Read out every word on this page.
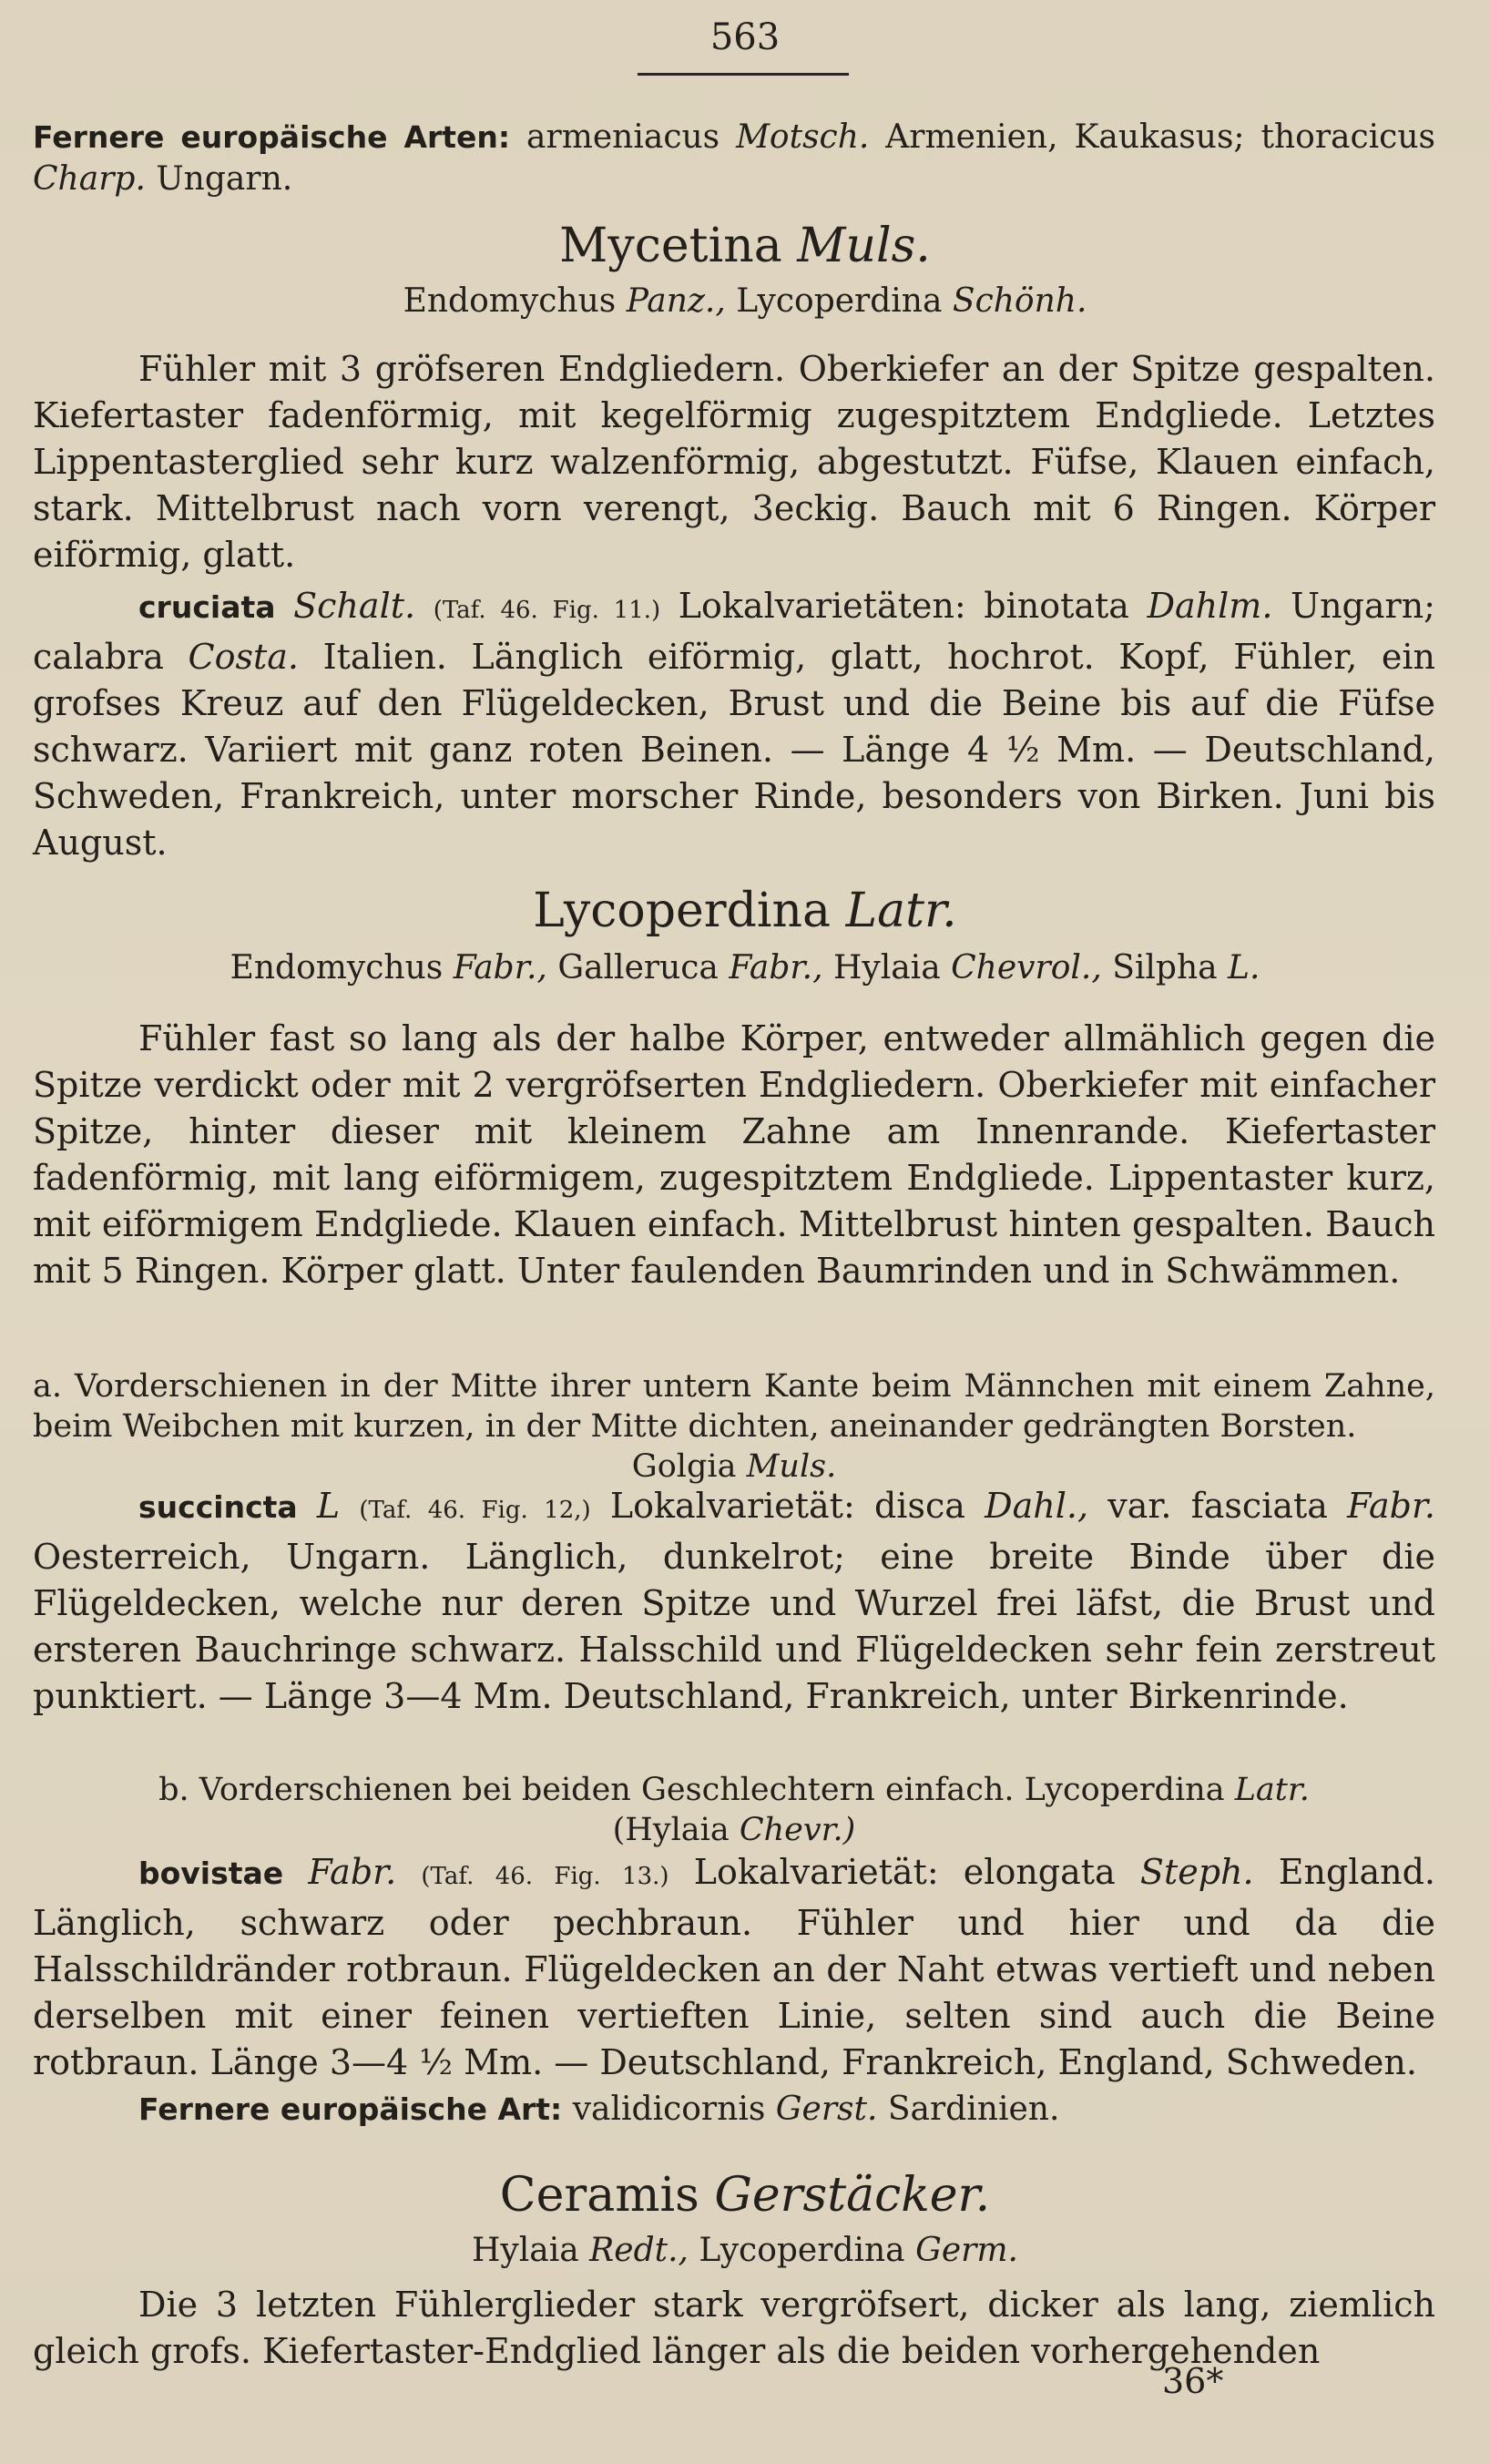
563

Fernere europäische Arten: armeniacus Motsch. Armenien, Kaukasus; thoracicus Charp. Ungarn.

Mycetina Muls.
Endomychus Panz., Lycoperdina Schönh.

Fühler mit 3 gröfseren Endgliedern. Oberkiefer an der Spitze gespalten. Kiefertaster fadenförmig, mit kegelförmig zugespitztem Endgliede. Letztes Lippentasterglied sehr kurz walzenförmig, abgestutzt. Füfse, Klauen einfach, stark. Mittelbrust nach vorn verengt, 3eckig. Bauch mit 6 Ringen. Körper eiförmig, glatt.

cruciata Schalt. (Taf. 46. Fig. 11.) Lokalvarietäten: binotata Dahlm. Ungarn; calabra Costa. Italien. Länglich eiförmig, glatt, hochrot. Kopf, Fühler, ein grofses Kreuz auf den Flügeldecken, Brust und die Beine bis auf die Füfse schwarz. Variiert mit ganz roten Beinen. — Länge 4 ½ Mm. — Deutschland, Schweden, Frankreich, unter morscher Rinde, besonders von Birken. Juni bis August.

Lycoperdina Latr.
Endomychus Fabr., Galleruca Fabr., Hylaia Chevrol., Silpha L.

Fühler fast so lang als der halbe Körper, entweder allmählich gegen die Spitze verdickt oder mit 2 vergröfserten Endgliedern. Oberkiefer mit einfacher Spitze, hinter dieser mit kleinem Zahne am Innenrande. Kiefertaster fadenförmig, mit lang eiförmigem, zugespitztem Endgliede. Lippentaster kurz, mit eiförmigem Endgliede. Klauen einfach. Mittelbrust hinten gespalten. Bauch mit 5 Ringen. Körper glatt. Unter faulenden Baumrinden und in Schwämmen.

a. Vorderschienen in der Mitte ihrer untern Kante beim Männchen mit einem Zahne, beim Weibchen mit kurzen, in der Mitte dichten, aneinander gedrängten Borsten.

Golgia Muls.

succincta L (Taf. 46. Fig. 12,) Lokalvarietät: disca Dahl., var. fasciata Fabr. Oesterreich, Ungarn. Länglich, dunkelrot; eine breite Binde über die Flügeldecken, welche nur deren Spitze und Wurzel frei läfst, die Brust und ersteren Bauchringe schwarz. Halsschild und Flügeldecken sehr fein zerstreut punktiert. — Länge 3—4 Mm. Deutschland, Frankreich, unter Birkenrinde.

b. Vorderschienen bei beiden Geschlechtern einfach. Lycoperdina Latr.
(Hylaia Chevr.)

bovistae Fabr. (Taf. 46. Fig. 13.) Lokalvarietät: elongata Steph. England. Länglich, schwarz oder pechbraun. Fühler und hier und da die Halsschildränder rotbraun. Flügeldecken an der Naht etwas vertieft und neben derselben mit einer feinen vertieften Linie, selten sind auch die Beine rotbraun. Länge 3—4 ½ Mm. — Deutschland, Frankreich, England, Schweden.

Fernere europäische Art: validicornis Gerst. Sardinien.

Ceramis Gerstäcker.
Hylaia Redt., Lycoperdina Germ.

Die 3 letzten Fühlerglieder stark vergröfsert, dicker als lang, ziemlich gleich grofs. Kiefertaster-Endglied länger als die beiden vorhergehenden

36*
